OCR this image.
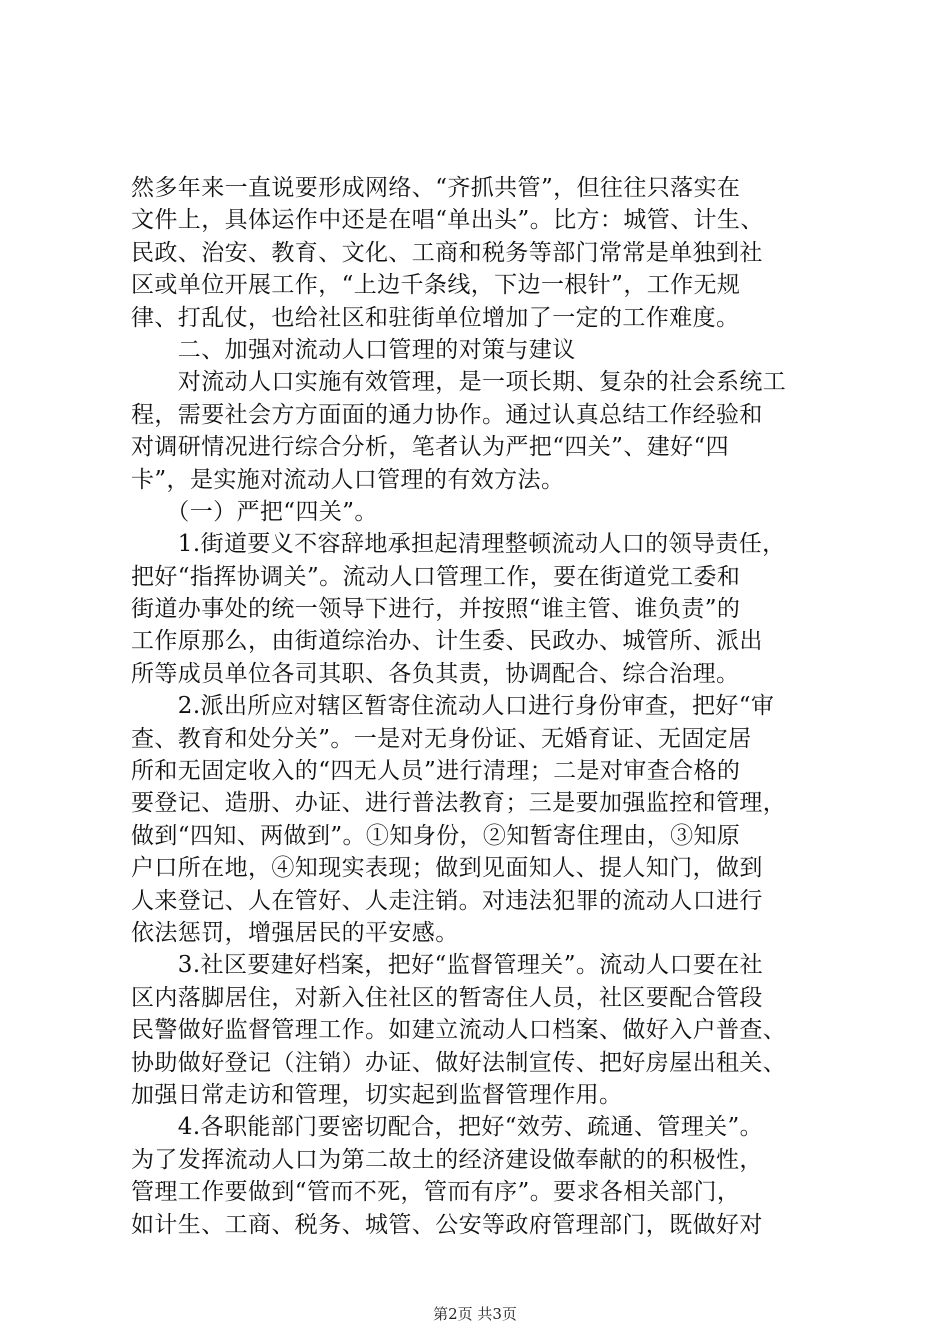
然多年来一直说要形成网络、“齐抓共管”，但往往只落实在
文件上，具体运作中还是在唱“单出头”。比方：城管、计生、
民政、治安、教育、文化、工商和税务等部门常常是单独到社
区或单位开展工作，“上边千条线，下边一根针”，工作无规
律、打乱仗，也给社区和驻街单位增加了一定的工作难度。
　　二、加强对流动人口管理的对策与建议
　　对流动人口实施有效管理，是一项长期、复杂的社会系统工
程，需要社会方方面面的通力协作。通过认真总结工作经验和
对调研情况进行综合分析，笔者认为严把“四关”、建好“四
卡”，是实施对流动人口管理的有效方法。
　　（一）严把“四关”。
　　1.街道要义不容辞地承担起清理整顿流动人口的领导责任，
把好“指挥协调关”。流动人口管理工作，要在街道党工委和
街道办事处的统一领导下进行，并按照“谁主管、谁负责”的
工作原那么，由街道综治办、计生委、民政办、城管所、派出
所等成员单位各司其职、各负其责，协调配合、综合治理。
　　2.派出所应对辖区暂寄住流动人口进行身份审查，把好“审
查、教育和处分关”。一是对无身份证、无婚育证、无固定居
所和无固定收入的“四无人员”进行清理；二是对审查合格的
要登记、造册、办证、进行普法教育；三是要加强监控和管理，
做到“四知、两做到”。①知身份，②知暂寄住理由，③知原
户口所在地，④知现实表现；做到见面知人、提人知门，做到
人来登记、人在管好、人走注销。对违法犯罪的流动人口进行
依法惩罚，增强居民的平安感。
　　3.社区要建好档案，把好“监督管理关”。流动人口要在社
区内落脚居住，对新入住社区的暂寄住人员，社区要配合管段
民警做好监督管理工作。如建立流动人口档案、做好入户普查、
协助做好登记（注销）办证、做好法制宣传、把好房屋出租关、
加强日常走访和管理，切实起到监督管理作用。
　　4.各职能部门要密切配合，把好“效劳、疏通、管理关”。
为了发挥流动人口为第二故土的经济建设做奉献的的积极性，
管理工作要做到“管而不死，管而有序”。要求各相关部门，
如计生、工商、税务、城管、公安等政府管理部门，既做好对
第2页 共3页
